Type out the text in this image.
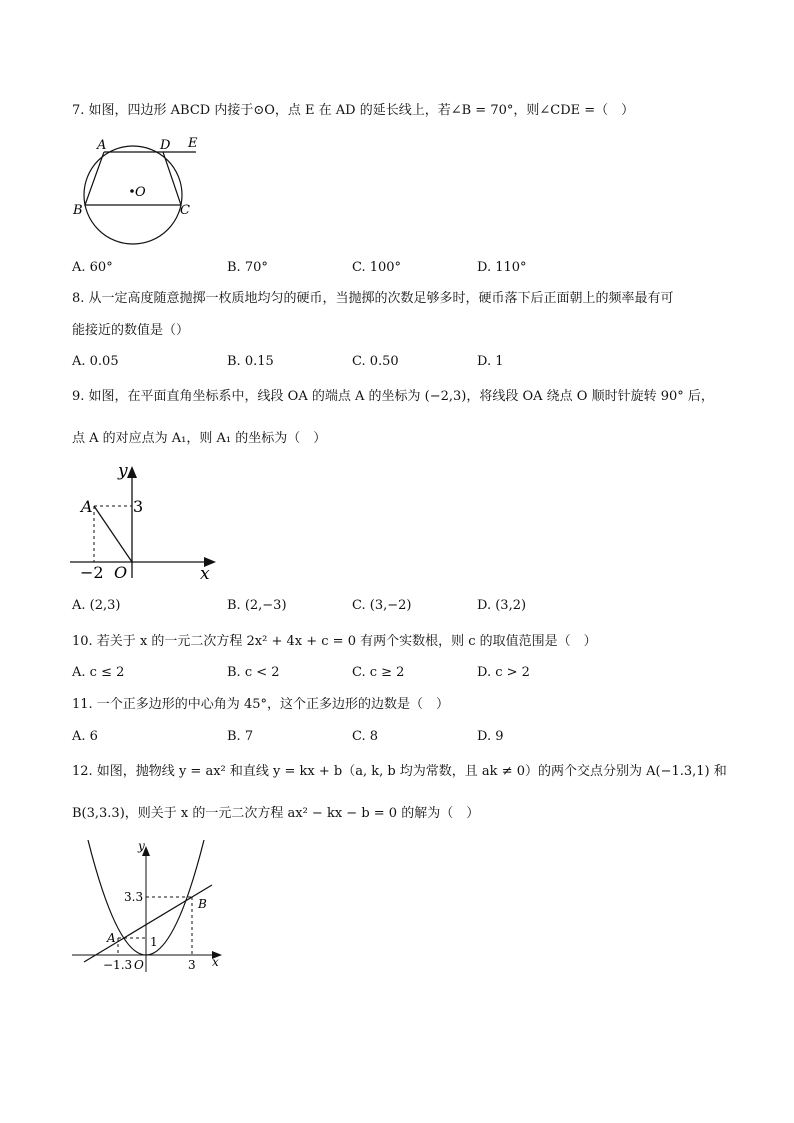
7. 如图，四边形 ABCD 内接于⊙O，点 E 在 AD 的延长线上，若∠B = 70°，则∠CDE =（　）
A	D E
O
B	C
A. 60°	B. 70°	C. 100°	D. 110°
8. 从一定高度随意抛掷一枚质地均匀的硬币，当抛掷的次数足够多时，硬币落下后正面朝上的频率最有可
能接近的数值是（）
A. 0.05	B. 0.15	C. 0.50	D. 1
9. 如图，在平面直角坐标系中，线段 OA 的端点 A 的坐标为 (−2,3)，将线段 OA 绕点 O 顺时针旋转 90° 后，
点 A 的对应点为 A₁，则 A₁ 的坐标为（　）
y
x
A	3
−2 O
A. (2,3)	B. (2,−3)	C. (3,−2)	D. (3,2)
10. 若关于 x 的一元二次方程 2x² + 4x + c = 0 有两个实数根，则 c 的取值范围是（　）
A. c ≤ 2	B. c < 2	C. c ≥ 2	D. c > 2
11. 一个正多边形的中心角为 45°，这个正多边形的边数是（　）
A. 6	B. 7	C. 8	D. 9
12. 如图，抛物线 y = ax² 和直线 y = kx + b（a, k, b 均为常数，且 ak ≠ 0）的两个交点分别为 A(−1.3,1) 和
B(3,3.3)，则关于 x 的一元二次方程 ax² − kx − b = 0 的解为（　）
y
x
3.3	B
A	1
−1.3 O	3
